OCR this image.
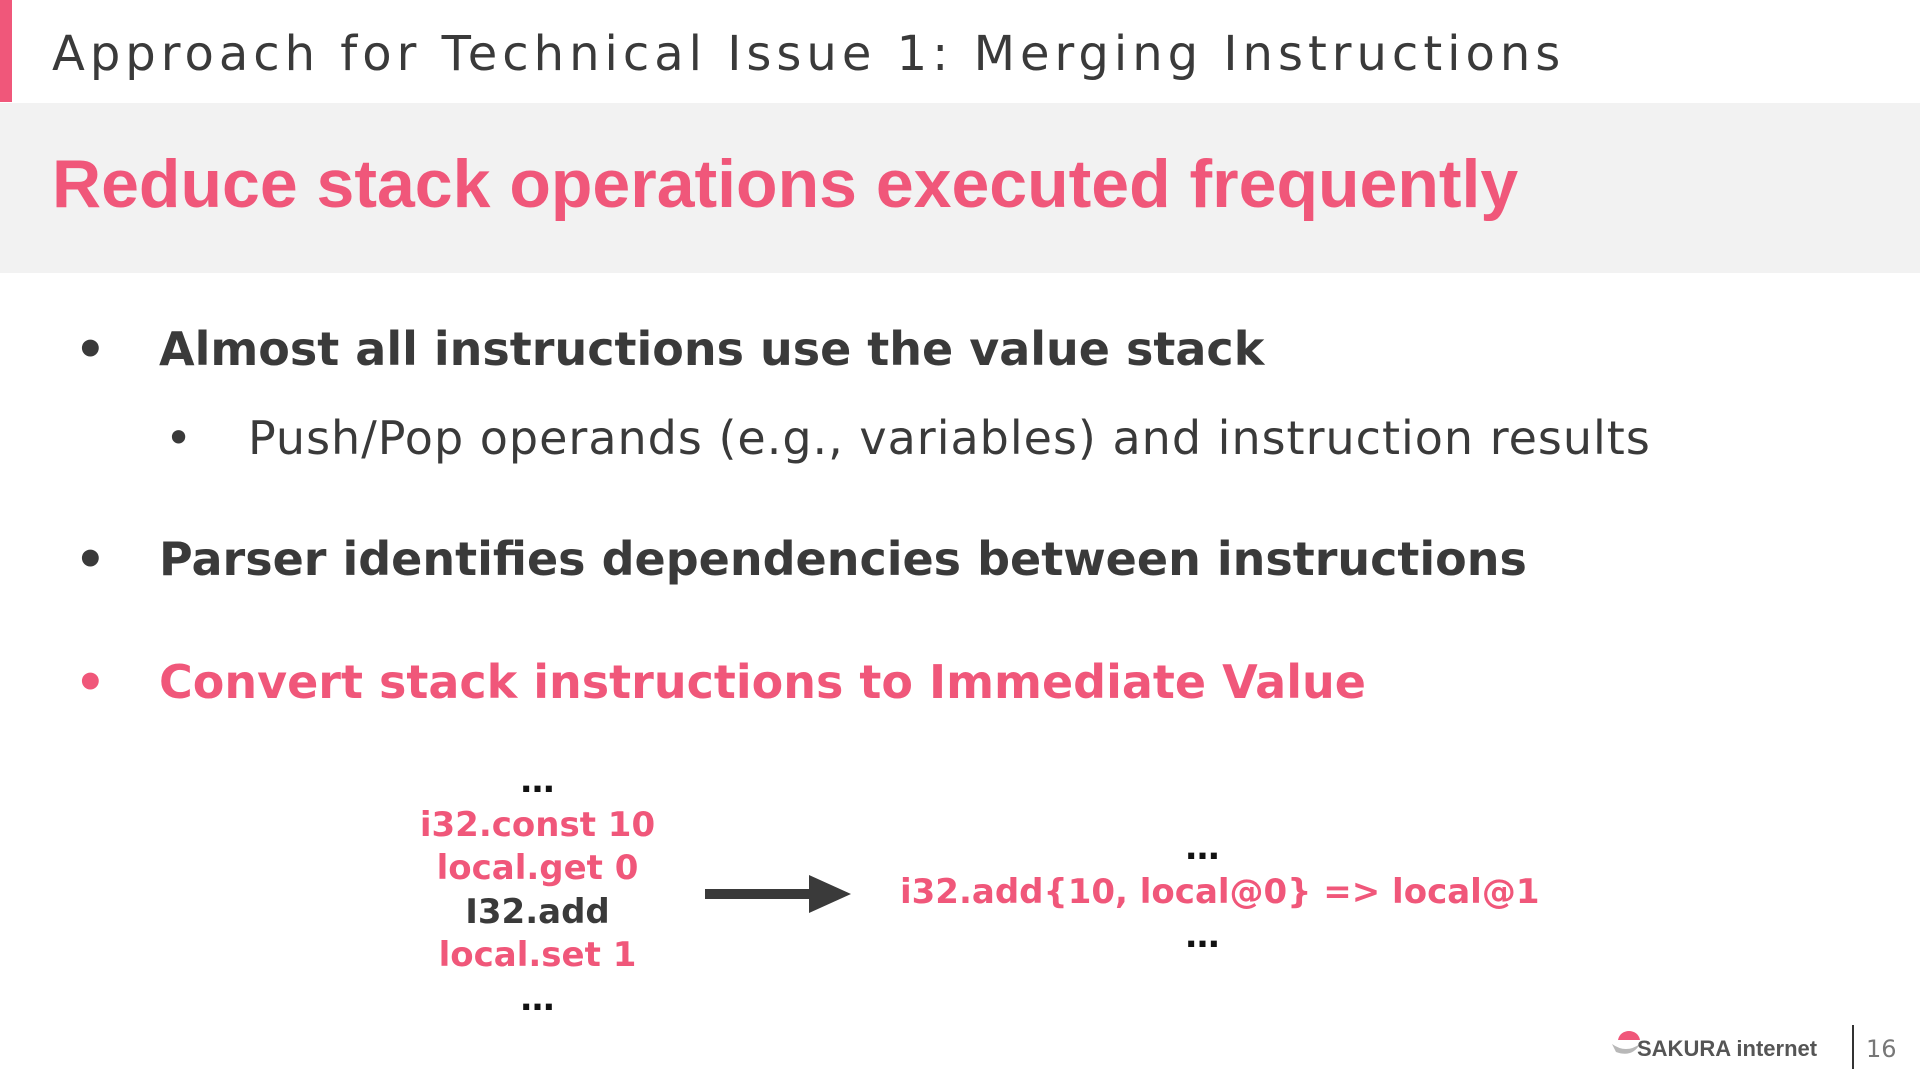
Approach for Technical Issue 1: Merging Instructions
Reduce stack operations executed frequently
• Almost all instructions use the value stack
• Push/Pop operands (e.g., variables) and instruction results
• Parser identifies dependencies between instructions
• Convert stack instructions to Immediate Value
…
i32.const 10
local.get 0
I32.add
local.set 1
…
…
i32.add{10, local@0} => local@1
…
SAKURA internet 16
